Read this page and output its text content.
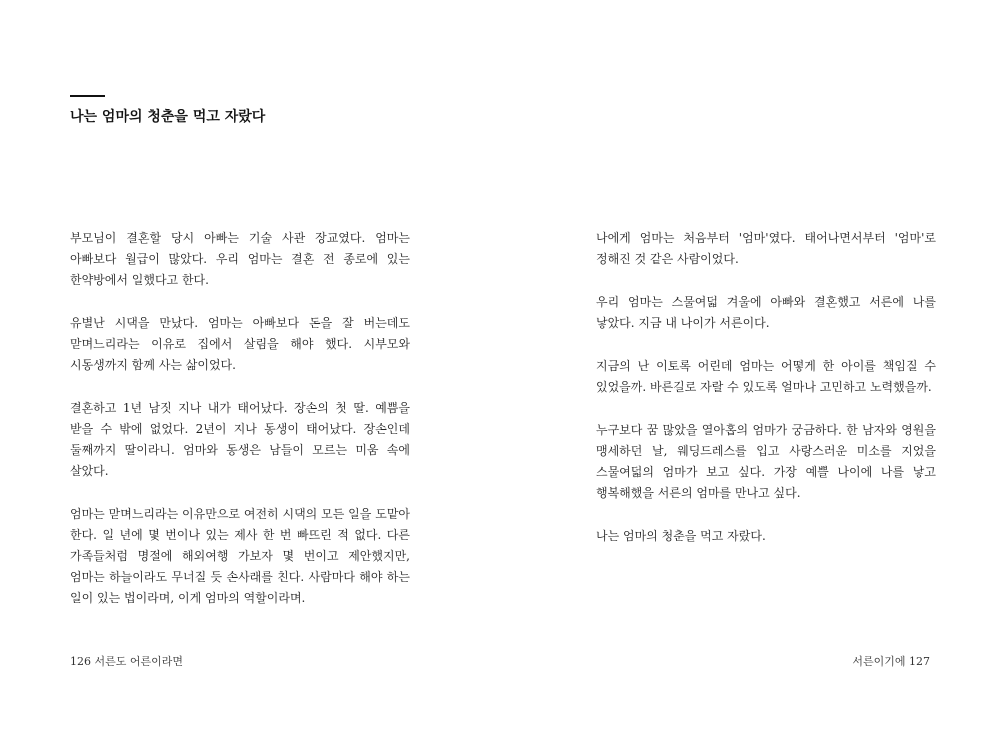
나는 엄마의 청춘을 먹고 자랐다

부모님이 결혼할 당시 아빠는 기술 사관 장교였다. 엄마는 아빠보다 월급이 많았다. 우리 엄마는 결혼 전 종로에 있는 한약방에서 일했다고 한다.

유별난 시댁을 만났다. 엄마는 아빠보다 돈을 잘 버는데도 맏며느리라는 이유로 집에서 살림을 해야 했다. 시부모와 시동생까지 함께 사는 삶이었다.

결혼하고 1년 남짓 지나 내가 태어났다. 장손의 첫 딸. 예쁨을 받을 수 밖에 없었다. 2년이 지나 동생이 태어났다. 장손인데 둘째까지 딸이라니. 엄마와 동생은 남들이 모르는 미움 속에 살았다.

엄마는 맏며느리라는 이유만으로 여전히 시댁의 모든 일을 도맡아 한다. 일 년에 몇 번이나 있는 제사 한 번 빠뜨린 적 없다. 다른 가족들처럼 명절에 해외여행 가보자 몇 번이고 제안했지만, 엄마는 하늘이라도 무너질 듯 손사래를 친다. 사람마다 해야 하는 일이 있는 법이라며, 이게 엄마의 역할이라며.

126 서른도 어른이라면

나에게 엄마는 처음부터 '엄마'였다. 태어나면서부터 '엄마'로 정해진 것 같은 사람이었다.

우리 엄마는 스물여덟 겨울에 아빠와 결혼했고 서른에 나를 낳았다. 지금 내 나이가 서른이다.

지금의 난 이토록 어린데 엄마는 어떻게 한 아이를 책임질 수 있었을까. 바른길로 자랄 수 있도록 얼마나 고민하고 노력했을까.

누구보다 꿈 많았을 열아홉의 엄마가 궁금하다. 한 남자와 영원을 맹세하던 날, 웨딩드레스를 입고 사랑스러운 미소를 지었을 스물여덟의 엄마가 보고 싶다. 가장 예쁠 나이에 나를 낳고 행복해했을 서른의 엄마를 만나고 싶다.

나는 엄마의 청춘을 먹고 자랐다.

서른이기에 127
